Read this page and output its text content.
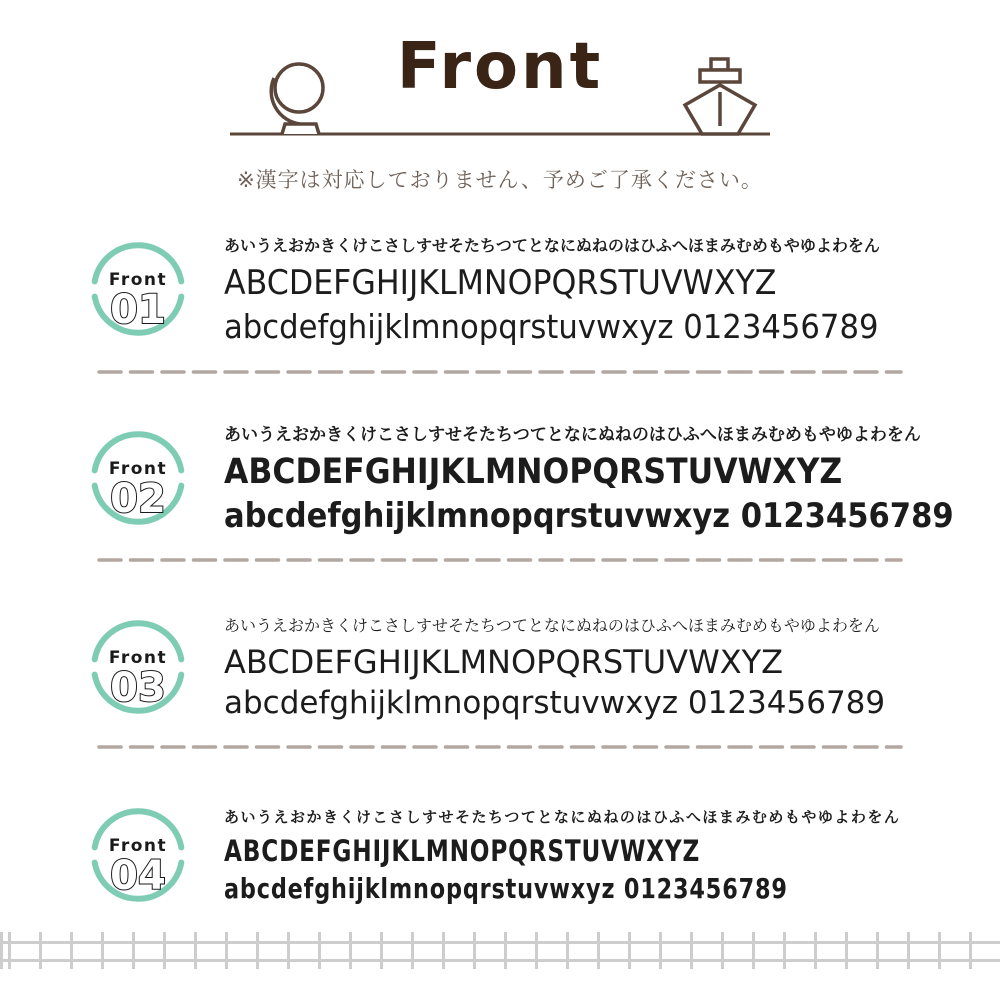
Front
※漢字は対応しておりません、予めご了承ください。
Front
01
あいうえおかきくけこさしすせそたちつてとなにぬねのはひふへほまみむめもやゆよわをん
ABCDEFGHIJKLMNOPQRSTUVWXYZ
abcdefghijklmnopqrstuvwxyz 0123456789
Front
02
あいうえおかきくけこさしすせそたちつてとなにぬねのはひふへほまみむめもやゆよわをん
ABCDEFGHIJKLMNOPQRSTUVWXYZ
abcdefghijklmnopqrstuvwxyz 0123456789
Front
03
あいうえおかきくけこさしすせそたちつてとなにぬねのはひふへほまみむめもやゆよわをん
ABCDEFGHIJKLMNOPQRSTUVWXYZ
abcdefghijklmnopqrstuvwxyz 0123456789
Front
04
あいうえおかきくけこさしすせそたちつてとなにぬねのはひふへほまみむめもやゆよわをん
ABCDEFGHIJKLMNOPQRSTUVWXYZ
abcdefghijklmnopqrstuvwxyz 0123456789
